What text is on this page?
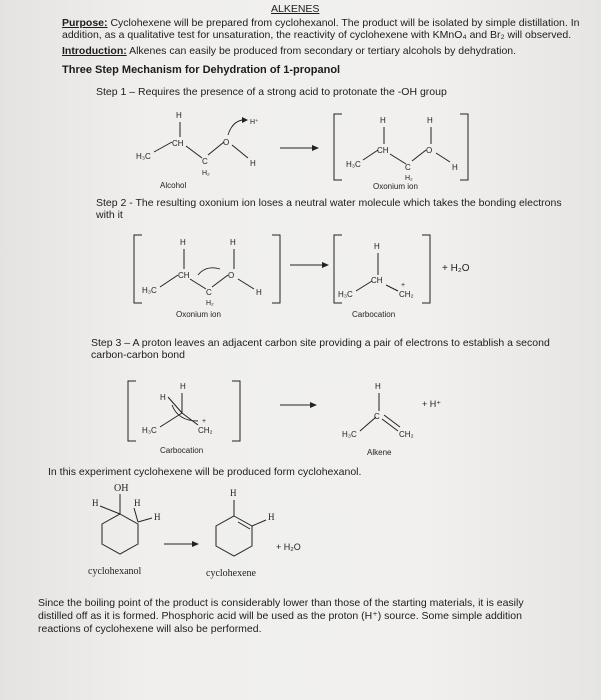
ALKENES
Purpose: Cyclohexene will be prepared from cyclohexanol. The product will be isolated by simple distillation. In
addition, as a qualitative test for unsaturation, the reactivity of cyclohexene with KMnO₄ and Br₂ will observed.
Introduction: Alkenes can easily be produced from secondary or tertiary alcohols by dehydration.
Three Step Mechanism for Dehydration of 1-propanol
Step 1 – Requires the presence of a strong acid to protonate the -OH group
H₃C
CH
H
C
H₂
O
H
H⁺
Alcohol
H₃C
CH
H
C
H₂
O
H
H
Oxonium ion
Step 2 - The resulting oxonium ion loses a neutral water molecule which takes the bonding electrons
with it
H₃C
CH
H
C
H₂
O
H
H
Oxonium ion
H₃C
CH
H
+
CH₂
Carbocation
+ H₂O
Step 3 – A proton leaves an adjacent carbon site providing a pair of electrons to establish a second
carbon-carbon bond
H₃C
H
H
CH₂
+
Carbocation
H₃C
C
H
CH₂
Alkene
+ H⁺
In this experiment cyclohexene will be produced form cyclohexanol.
OH
H	H
H
cyclohexanol
H
H
cyclohexene
+ H₂O
Since the boiling point of the product is considerably lower than those of the starting materials, it is easily
distilled off as it is formed. Phosphoric acid will be used as the proton (H⁺) source. Some simple addition
reactions of cyclohexene will also be performed.
